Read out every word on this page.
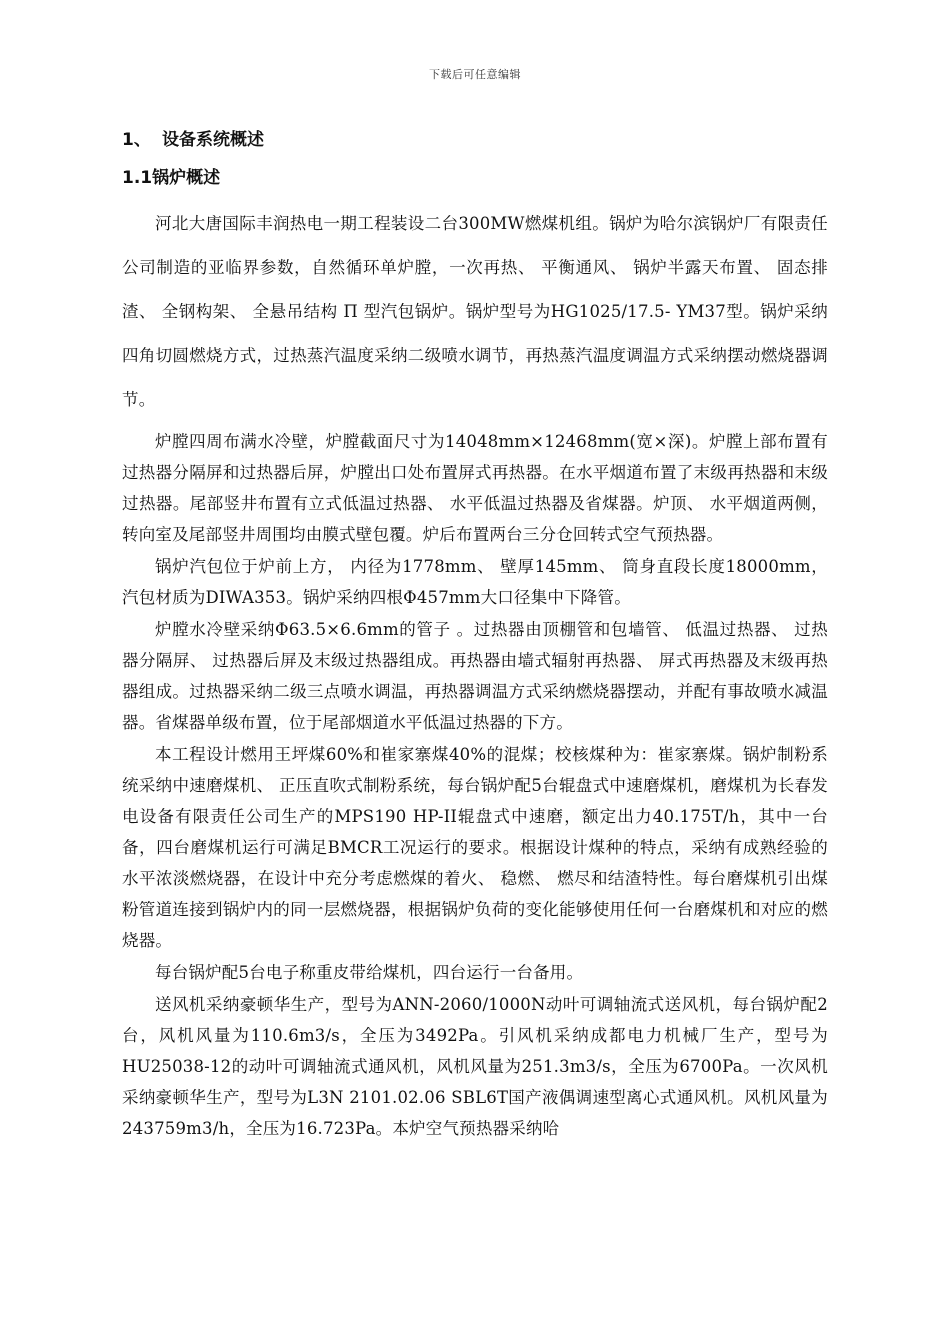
下载后可任意编辑
1、 设备系统概述
1.1锅炉概述

河北大唐国际丰润热电一期工程装设二台300MW燃煤机组。锅炉为哈尔滨锅炉厂有限责任公司制造的亚临界参数，自然循环单炉膛，一次再热、 平衡通风、 锅炉半露天布置、 固态排渣、 全钢构架、 全悬吊结构 Π 型汽包锅炉。锅炉型号为HG1025/17.5- YM37型。锅炉采纳四角切圆燃烧方式，过热蒸汽温度采纳二级喷水调节，再热蒸汽温度调温方式采纳摆动燃烧器调节。

炉膛四周布满水冷壁，炉膛截面尺寸为14048mm×12468mm(宽×深)。炉膛上部布置有过热器分隔屏和过热器后屏，炉膛出口处布置屏式再热器。在水平烟道布置了末级再热器和末级过热器。尾部竖井布置有立式低温过热器、 水平低温过热器及省煤器。炉顶、 水平烟道两侧，转向室及尾部竖井周围均由膜式壁包覆。炉后布置两台三分仓回转式空气预热器。

锅炉汽包位于炉前上方， 内径为1778mm、 壁厚145mm、 筒身直段长度18000mm，汽包材质为DIWA353。锅炉采纳四根Φ457mm大口径集中下降管。

炉膛水冷壁采纳Φ63.5×6.6mm的管子 。过热器由顶棚管和包墙管、 低温过热器、 过热器分隔屏、 过热器后屏及末级过热器组成。再热器由墙式辐射再热器、 屏式再热器及末级再热器组成。过热器采纳二级三点喷水调温，再热器调温方式采纳燃烧器摆动，并配有事故喷水减温器。省煤器单级布置，位于尾部烟道水平低温过热器的下方。

本工程设计燃用王坪煤60%和崔家寨煤40%的混煤；校核煤种为：崔家寨煤。锅炉制粉系统采纳中速磨煤机、 正压直吹式制粉系统，每台锅炉配5台辊盘式中速磨煤机，磨煤机为长春发电设备有限责任公司生产的MPS190 HP-II辊盘式中速磨，额定出力40.175T/h，其中一台备，四台磨煤机运行可满足BMCR工况运行的要求。根据设计煤种的特点，采纳有成熟经验的水平浓淡燃烧器，在设计中充分考虑燃煤的着火、 稳燃、 燃尽和结渣特性。每台磨煤机引出煤粉管道连接到锅炉内的同一层燃烧器，根据锅炉负荷的变化能够使用任何一台磨煤机和对应的燃烧器。

每台锅炉配5台电子称重皮带给煤机，四台运行一台备用。

送风机采纳豪顿华生产，型号为ANN-2060/1000N动叶可调轴流式送风机，每台锅炉配2台，风机风量为110.6m3/s，全压为3492Pa。引风机采纳成都电力机械厂生产，型号为HU25038-12的动叶可调轴流式通风机，风机风量为251.3m3/s，全压为6700Pa。一次风机采纳豪顿华生产，型号为L3N 2101.02.06 SBL6T国产液偶调速型离心式通风机。风机风量为243759m3/h，全压为16.723Pa。本炉空气预热器采纳哈
